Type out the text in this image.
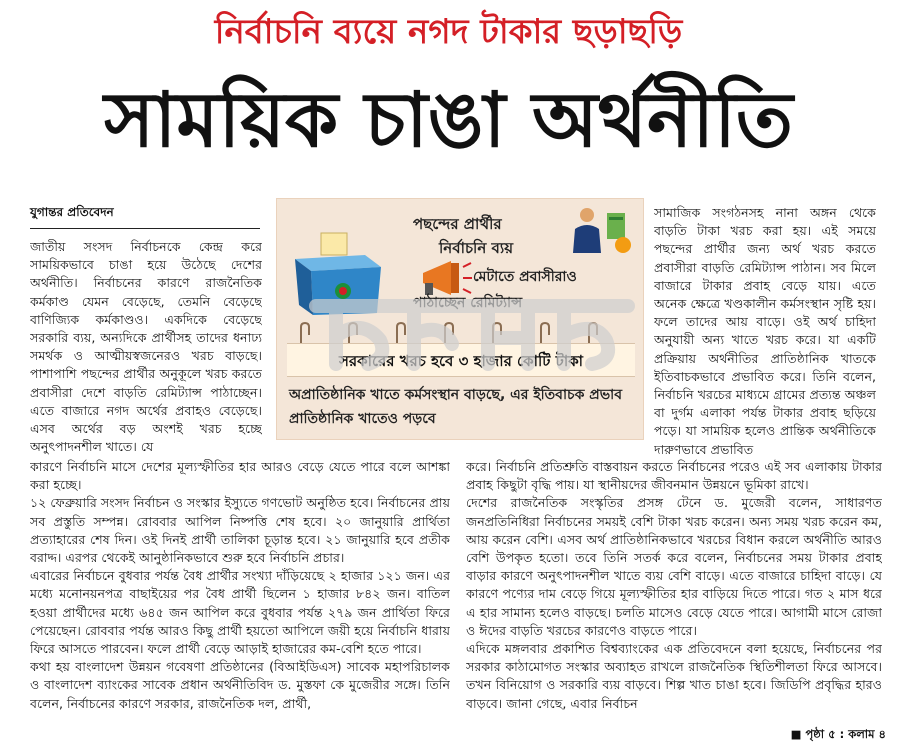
নির্বাচনি ব্যয়ে নগদ টাকার ছড়াছড়ি
সাময়িক চাঙা অর্থনীতি
যুগান্তর প্রতিবেদন

জাতীয় সংসদ নির্বাচনকে কেন্দ্র করে সাময়িকভাবে চাঙা হয়ে উঠেছে দেশের অর্থনীতি। নির্বাচনের কারণে রাজনৈতিক কর্মকাণ্ড যেমন বেড়েছে, তেমনি বেড়েছে বাণিজ্যিক কর্মকাণ্ডও। একদিকে বেড়েছে সরকারি ব্যয়, অন্যদিকে প্রার্থীসহ তাদের ধনাঢ্য সমর্থক ও আত্মীয়স্বজনেরও খরচ বাড়ছে। পাশাপাশি পছন্দের প্রার্থীর অনুকূলে খরচ করতে প্রবাসীরা দেশে বাড়তি রেমিট্যান্স পাঠাচ্ছেন। এতে বাজারে নগদ অর্থের প্রবাহও বেড়েছে। এসব অর্থের বড় অংশই খরচ হচ্ছে অনুৎপাদনশীল খাতে। যে

পছন্দের প্রার্থীর
নির্বাচনি ব্যয়
মেটাতে প্রবাসীরাও
পাঠাচ্ছেন রেমিট্যান্স
সরকারের খরচ হবে ৩ হাজার কোটি টাকা
অপ্রাতিষ্ঠানিক খাতে কর্মসংস্থান বাড়ছে, এর ইতিবাচক প্রভাব প্রাতিষ্ঠানিক খাতেও পড়বে

সামাজিক সংগঠনসহ নানা অঙ্গন থেকে বাড়তি টাকা খরচ করা হয়। এই সময়ে পছন্দের প্রার্থীর জন্য অর্থ খরচ করতে প্রবাসীরা বাড়তি রেমিট্যান্স পাঠান। সব মিলে বাজারে টাকার প্রবাহ বেড়ে যায়। এতে অনেক ক্ষেত্রে খণ্ডকালীন কর্মসংস্থান সৃষ্টি হয়। ফলে তাদের আয় বাড়ে। ওই অর্থ চাহিদা অনুযায়ী অন্য খাতে খরচ করে। যা একটি প্রক্রিয়ায় অর্থনীতির প্রাতিষ্ঠানিক খাতকে ইতিবাচকভাবে প্রভাবিত করে। তিনি বলেন, নির্বাচনি খরচের মাধ্যমে গ্রামের প্রত্যন্ত অঞ্চল বা দুর্গম এলাকা পর্যন্ত টাকার প্রবাহ ছড়িয়ে পড়ে। যা সাময়িক হলেও প্রান্তিক অর্থনীতিকে দারুণভাবে প্রভাবিত

কারণে নির্বাচনি মাসে দেশের মূল্যস্ফীতির হার আরও বেড়ে যেতে পারে বলে আশঙ্কা করা হচ্ছে।

১২ ফেব্রুয়ারি সংসদ নির্বাচন ও সংস্কার ইস্যুতে গণভোট অনুষ্ঠিত হবে। নির্বাচনের প্রায় সব প্রস্তুতি সম্পন্ন। রোববার আপিল নিষ্পত্তি শেষ হবে। ২০ জানুয়ারি প্রার্থিতা প্রত্যাহারের শেষ দিন। ওই দিনই প্রার্থী তালিকা চূড়ান্ত হবে। ২১ জানুয়ারি হবে প্রতীক বরাদ্দ। এরপর থেকেই আনুষ্ঠানিকভাবে শুরু হবে নির্বাচনি প্রচার।

এবারের নির্বাচনে বুধবার পর্যন্ত বৈধ প্রার্থীর সংখ্যা দাঁড়িয়েছে ২ হাজার ১২১ জন। এর মধ্যে মনোনয়নপত্র বাছাইয়ের পর বৈধ প্রার্থী ছিলেন ১ হাজার ৮৪২ জন। বাতিল হওয়া প্রার্থীদের মধ্যে ৬৪৫ জন আপিল করে বুধবার পর্যন্ত ২৭৯ জন প্রার্থিতা ফিরে পেয়েছেন। রোববার পর্যন্ত আরও কিছু প্রার্থী হয়তো আপিলে জয়ী হয়ে নির্বাচনি ধারায় ফিরে আসতে পারবেন। ফলে প্রার্থী বেড়ে আড়াই হাজারের কম-বেশি হতে পারে।

কথা হয় বাংলাদেশ উন্নয়ন গবেষণা প্রতিষ্ঠানের (বিআইডিএস) সাবেক মহাপরিচালক ও বাংলাদেশ ব্যাংকের সাবেক প্রধান অর্থনীতিবিদ ড. মুস্তফা কে মুজেরীর সঙ্গে। তিনি বলেন, নির্বাচনের কারণে সরকার, রাজনৈতিক দল, প্রার্থী,

করে। নির্বাচনি প্রতিশ্রুতি বাস্তবায়ন করতে নির্বাচনের পরেও এই সব এলাকায় টাকার প্রবাহ কিছুটা বৃদ্ধি পায়। যা স্থানীয়দের জীবনমান উন্নয়নে ভূমিকা রাখে।

দেশের রাজনৈতিক সংস্কৃতির প্রসঙ্গ টেনে ড. মুজেরী বলেন, সাধারণত জনপ্রতিনিধিরা নির্বাচনের সময়ই বেশি টাকা খরচ করেন। অন্য সময় খরচ করেন কম, আয় করেন বেশি। এসব অর্থ প্রাতিষ্ঠানিকভাবে খরচের বিধান করলে অর্থনীতি আরও বেশি উপকৃত হতো। তবে তিনি সতর্ক করে বলেন, নির্বাচনের সময় টাকার প্রবাহ বাড়ার কারণে অনুৎপাদনশীল খাতে ব্যয় বেশি বাড়ে। এতে বাজারে চাহিদা বাড়ে। যে কারণে পণ্যের দাম বেড়ে গিয়ে মূল্যস্ফীতির হার বাড়িয়ে দিতে পারে। গত ২ মাস ধরে এ হার সামান্য হলেও বাড়ছে। চলতি মাসেও বেড়ে যেতে পারে। আগামী মাসে রোজা ও ঈদের বাড়তি খরচের কারণেও বাড়তে পারে।

এদিকে মঙ্গলবার প্রকাশিত বিশ্বব্যাংকের এক প্রতিবেদনে বলা হয়েছে, নির্বাচনের পর সরকার কাঠামোগত সংস্কার অব্যাহত রাখলে রাজনৈতিক স্থিতিশীলতা ফিরে আসবে। তখন বিনিয়োগ ও সরকারি ব্যয় বাড়বে। শিল্প খাত চাঙা হবে। জিডিপি প্রবৃদ্ধির হারও বাড়বে। জানা গেছে, এবার নির্বাচন

■ পৃষ্ঠা ৫ : কলাম ৪
